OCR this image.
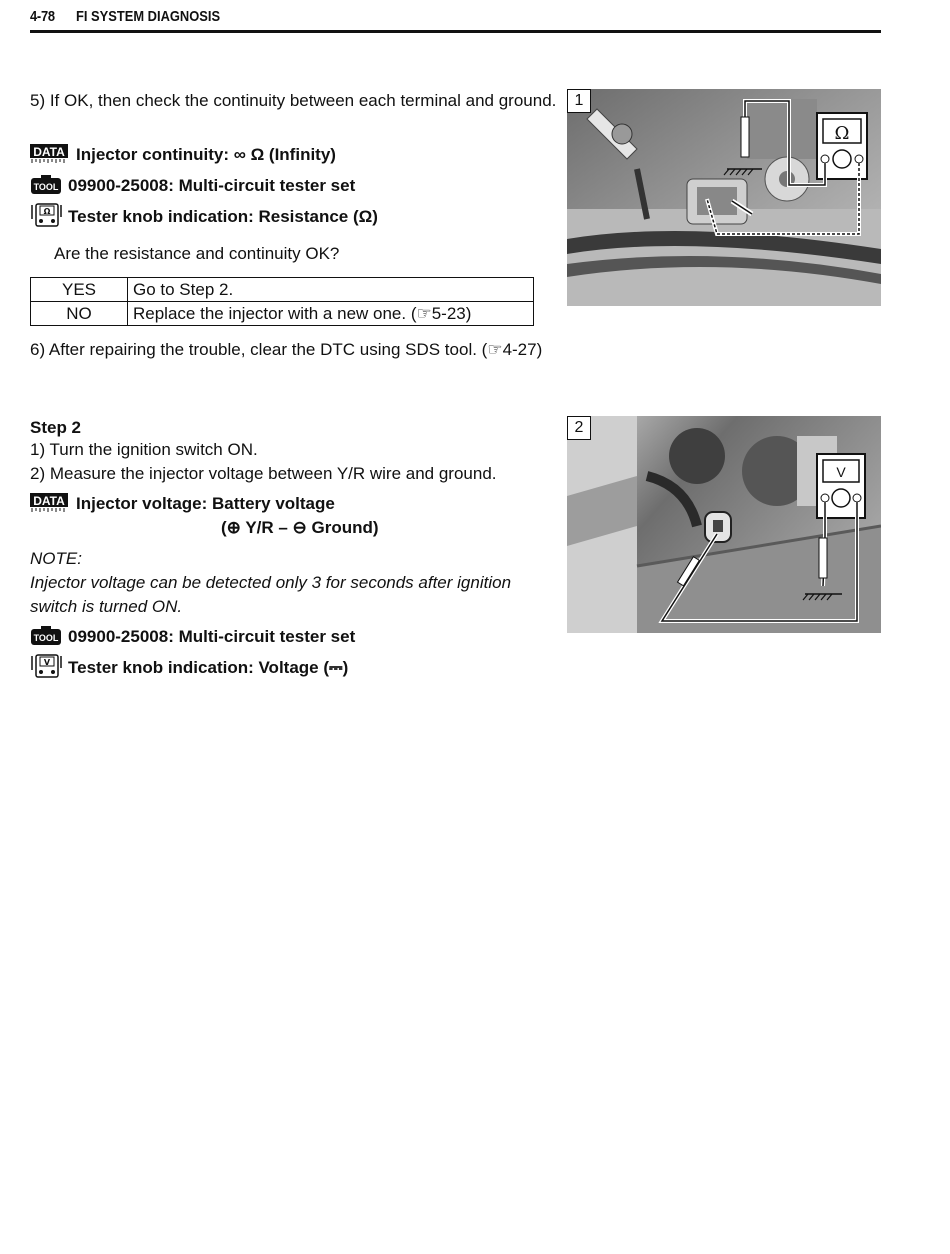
4-78 FI SYSTEM DIAGNOSIS
5) If OK, then check the continuity between each terminal and ground.
DATA Injector continuity: ∞ Ω (Infinity)
TOOL 09900-25008: Multi-circuit tester set
Ω Tester knob indication: Resistance (Ω)
Are the resistance and continuity OK?
YES	Go to Step 2.
NO	Replace the injector with a new one. (☞5-23)
6) After repairing the trouble, clear the DTC using SDS tool. (☞4-27)
Step 2
1) Turn the ignition switch ON.
2) Measure the injector voltage between Y/R wire and ground.
DATA Injector voltage: Battery voltage
(⊕ Y/R – ⊖ Ground)
NOTE:
Injector voltage can be detected only 3 for seconds after ignition switch is turned ON.
TOOL 09900-25008: Multi-circuit tester set
V Tester knob indication: Voltage (⎓)
Ω
1
V
2
